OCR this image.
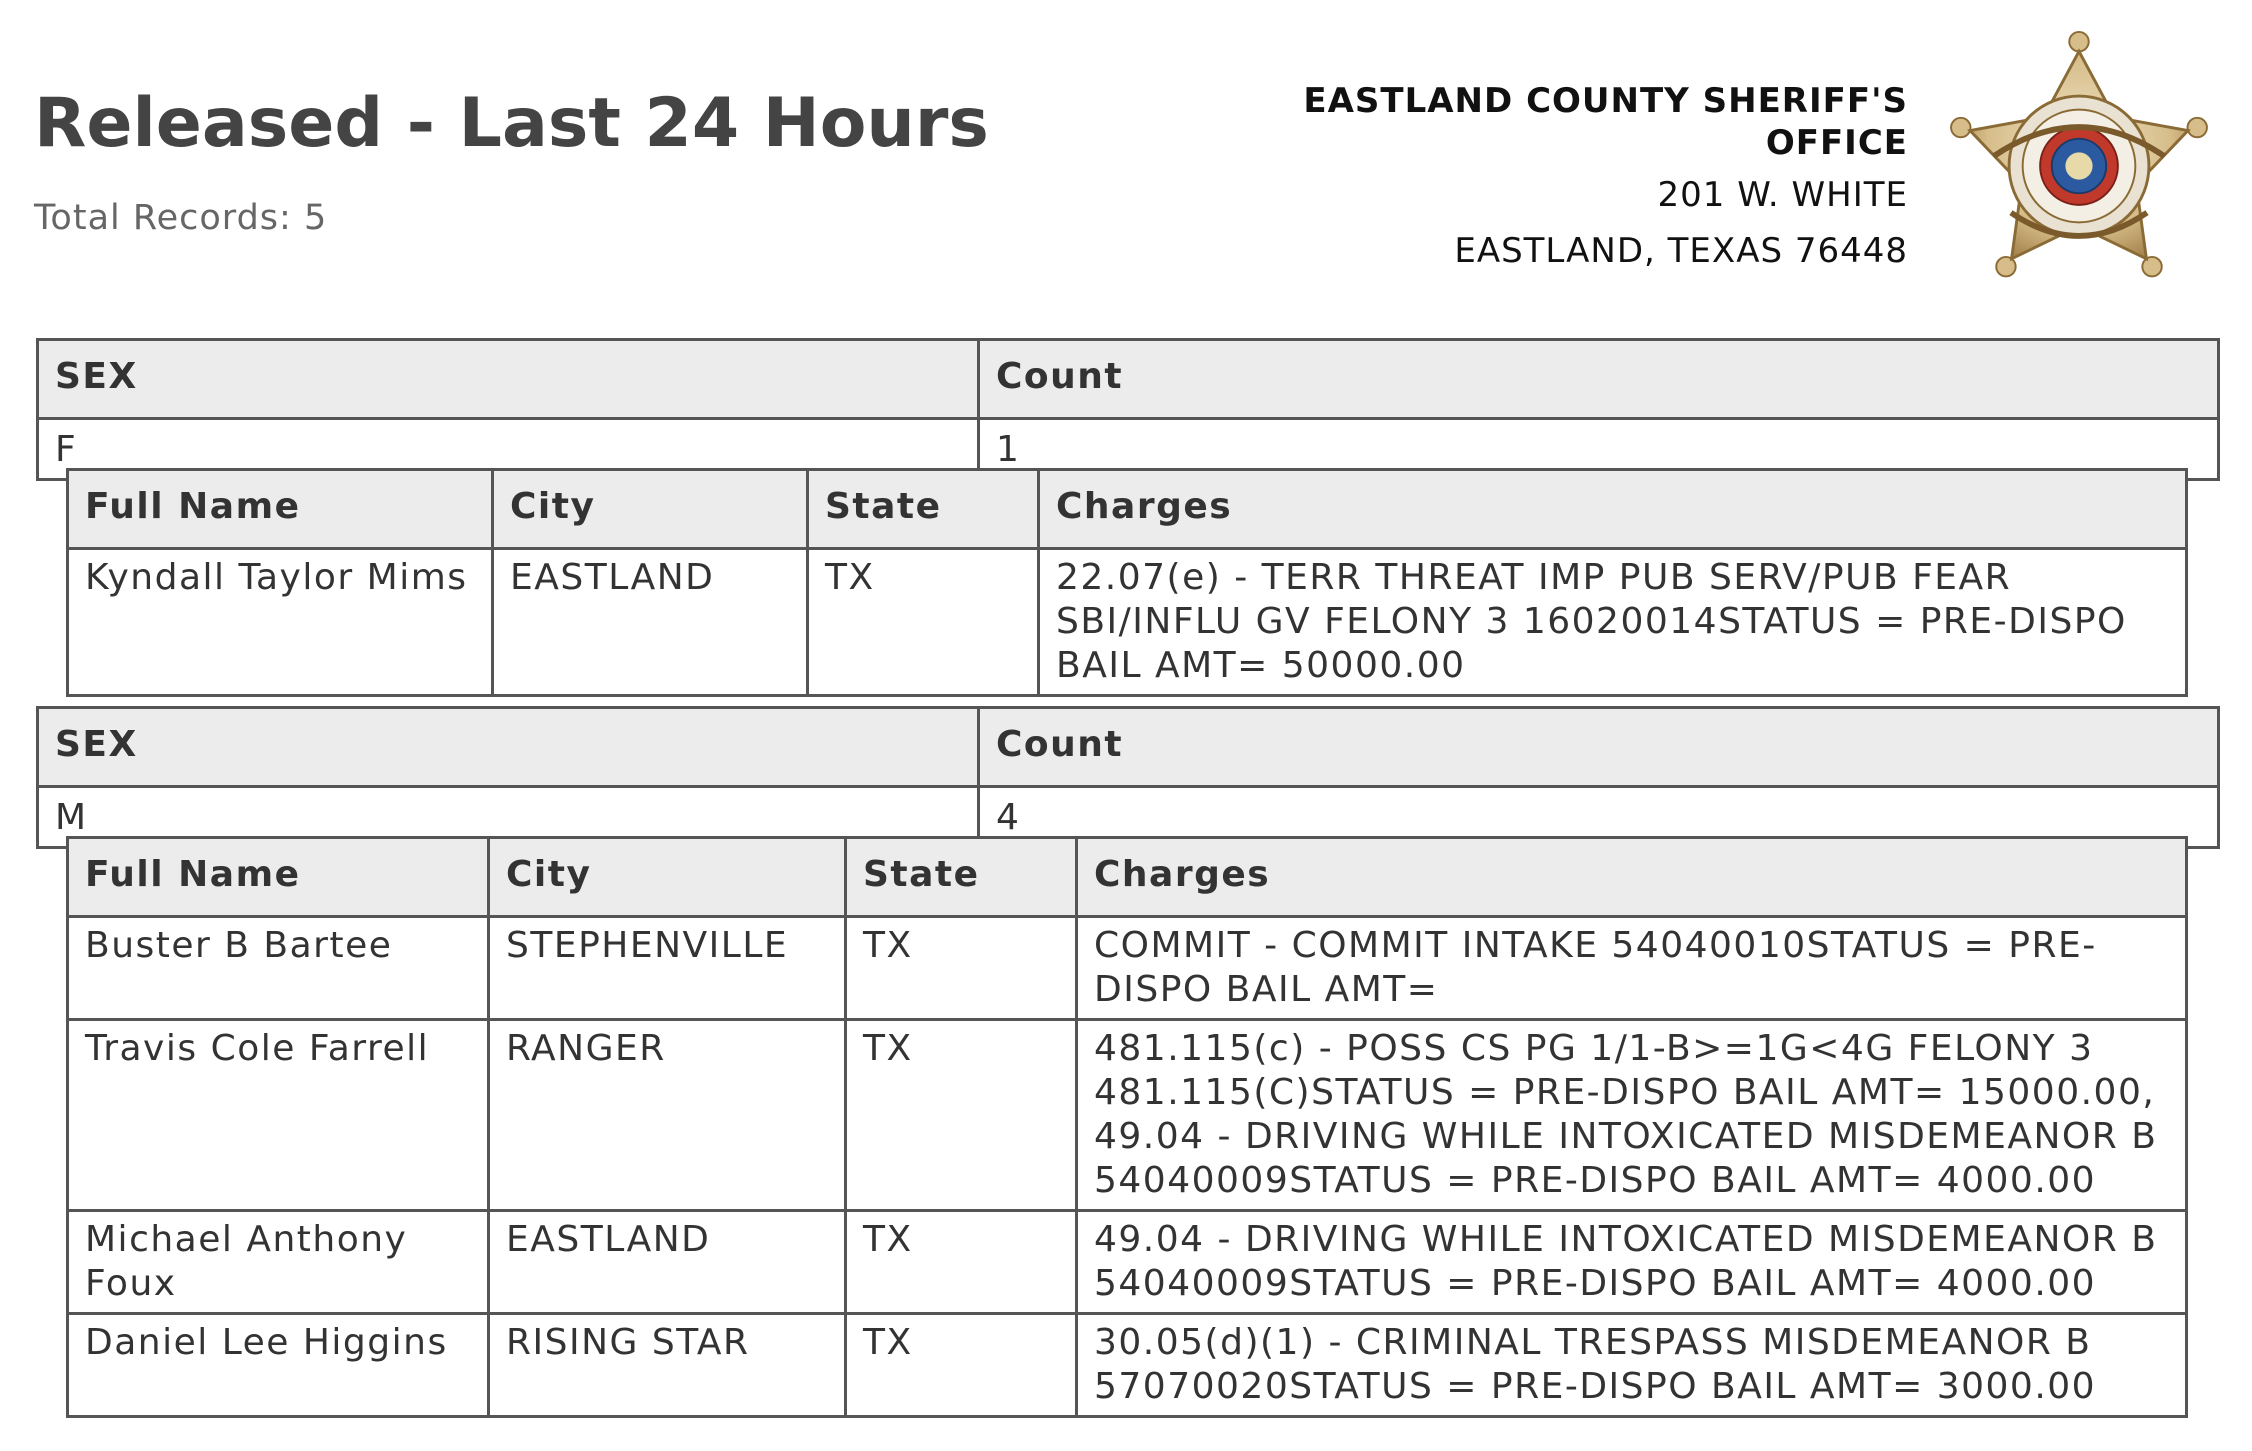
Released - Last 24 Hours
Total Records: 5
EASTLAND COUNTY SHERIFF'S OFFICE
201 W. WHITE
EASTLAND, TEXAS 76448
SEX	Count
F	1
Full Name	City	State	Charges
Kyndall Taylor Mims	EASTLAND	TX	22.07(e) - TERR THREAT IMP PUB SERV/PUB FEAR SBI/INFLU GV FELONY 3 16020014STATUS = PRE-DISPO BAIL AMT= 50000.00
SEX	Count
M	4
Full Name	City	State	Charges
Buster B Bartee	STEPHENVILLE	TX	COMMIT - COMMIT INTAKE 54040010STATUS = PRE-DISPO BAIL AMT=
Travis Cole Farrell	RANGER	TX	481.115(c) - POSS CS PG 1/1-B>=1G<4G FELONY 3 481.115(C)STATUS = PRE-DISPO BAIL AMT= 15000.00, 49.04 - DRIVING WHILE INTOXICATED MISDEMEANOR B 54040009STATUS = PRE-DISPO BAIL AMT= 4000.00
Michael Anthony Foux	EASTLAND	TX	49.04 - DRIVING WHILE INTOXICATED MISDEMEANOR B 54040009STATUS = PRE-DISPO BAIL AMT= 4000.00
Daniel Lee Higgins	RISING STAR	TX	30.05(d)(1) - CRIMINAL TRESPASS MISDEMEANOR B 57070020STATUS = PRE-DISPO BAIL AMT= 3000.00
